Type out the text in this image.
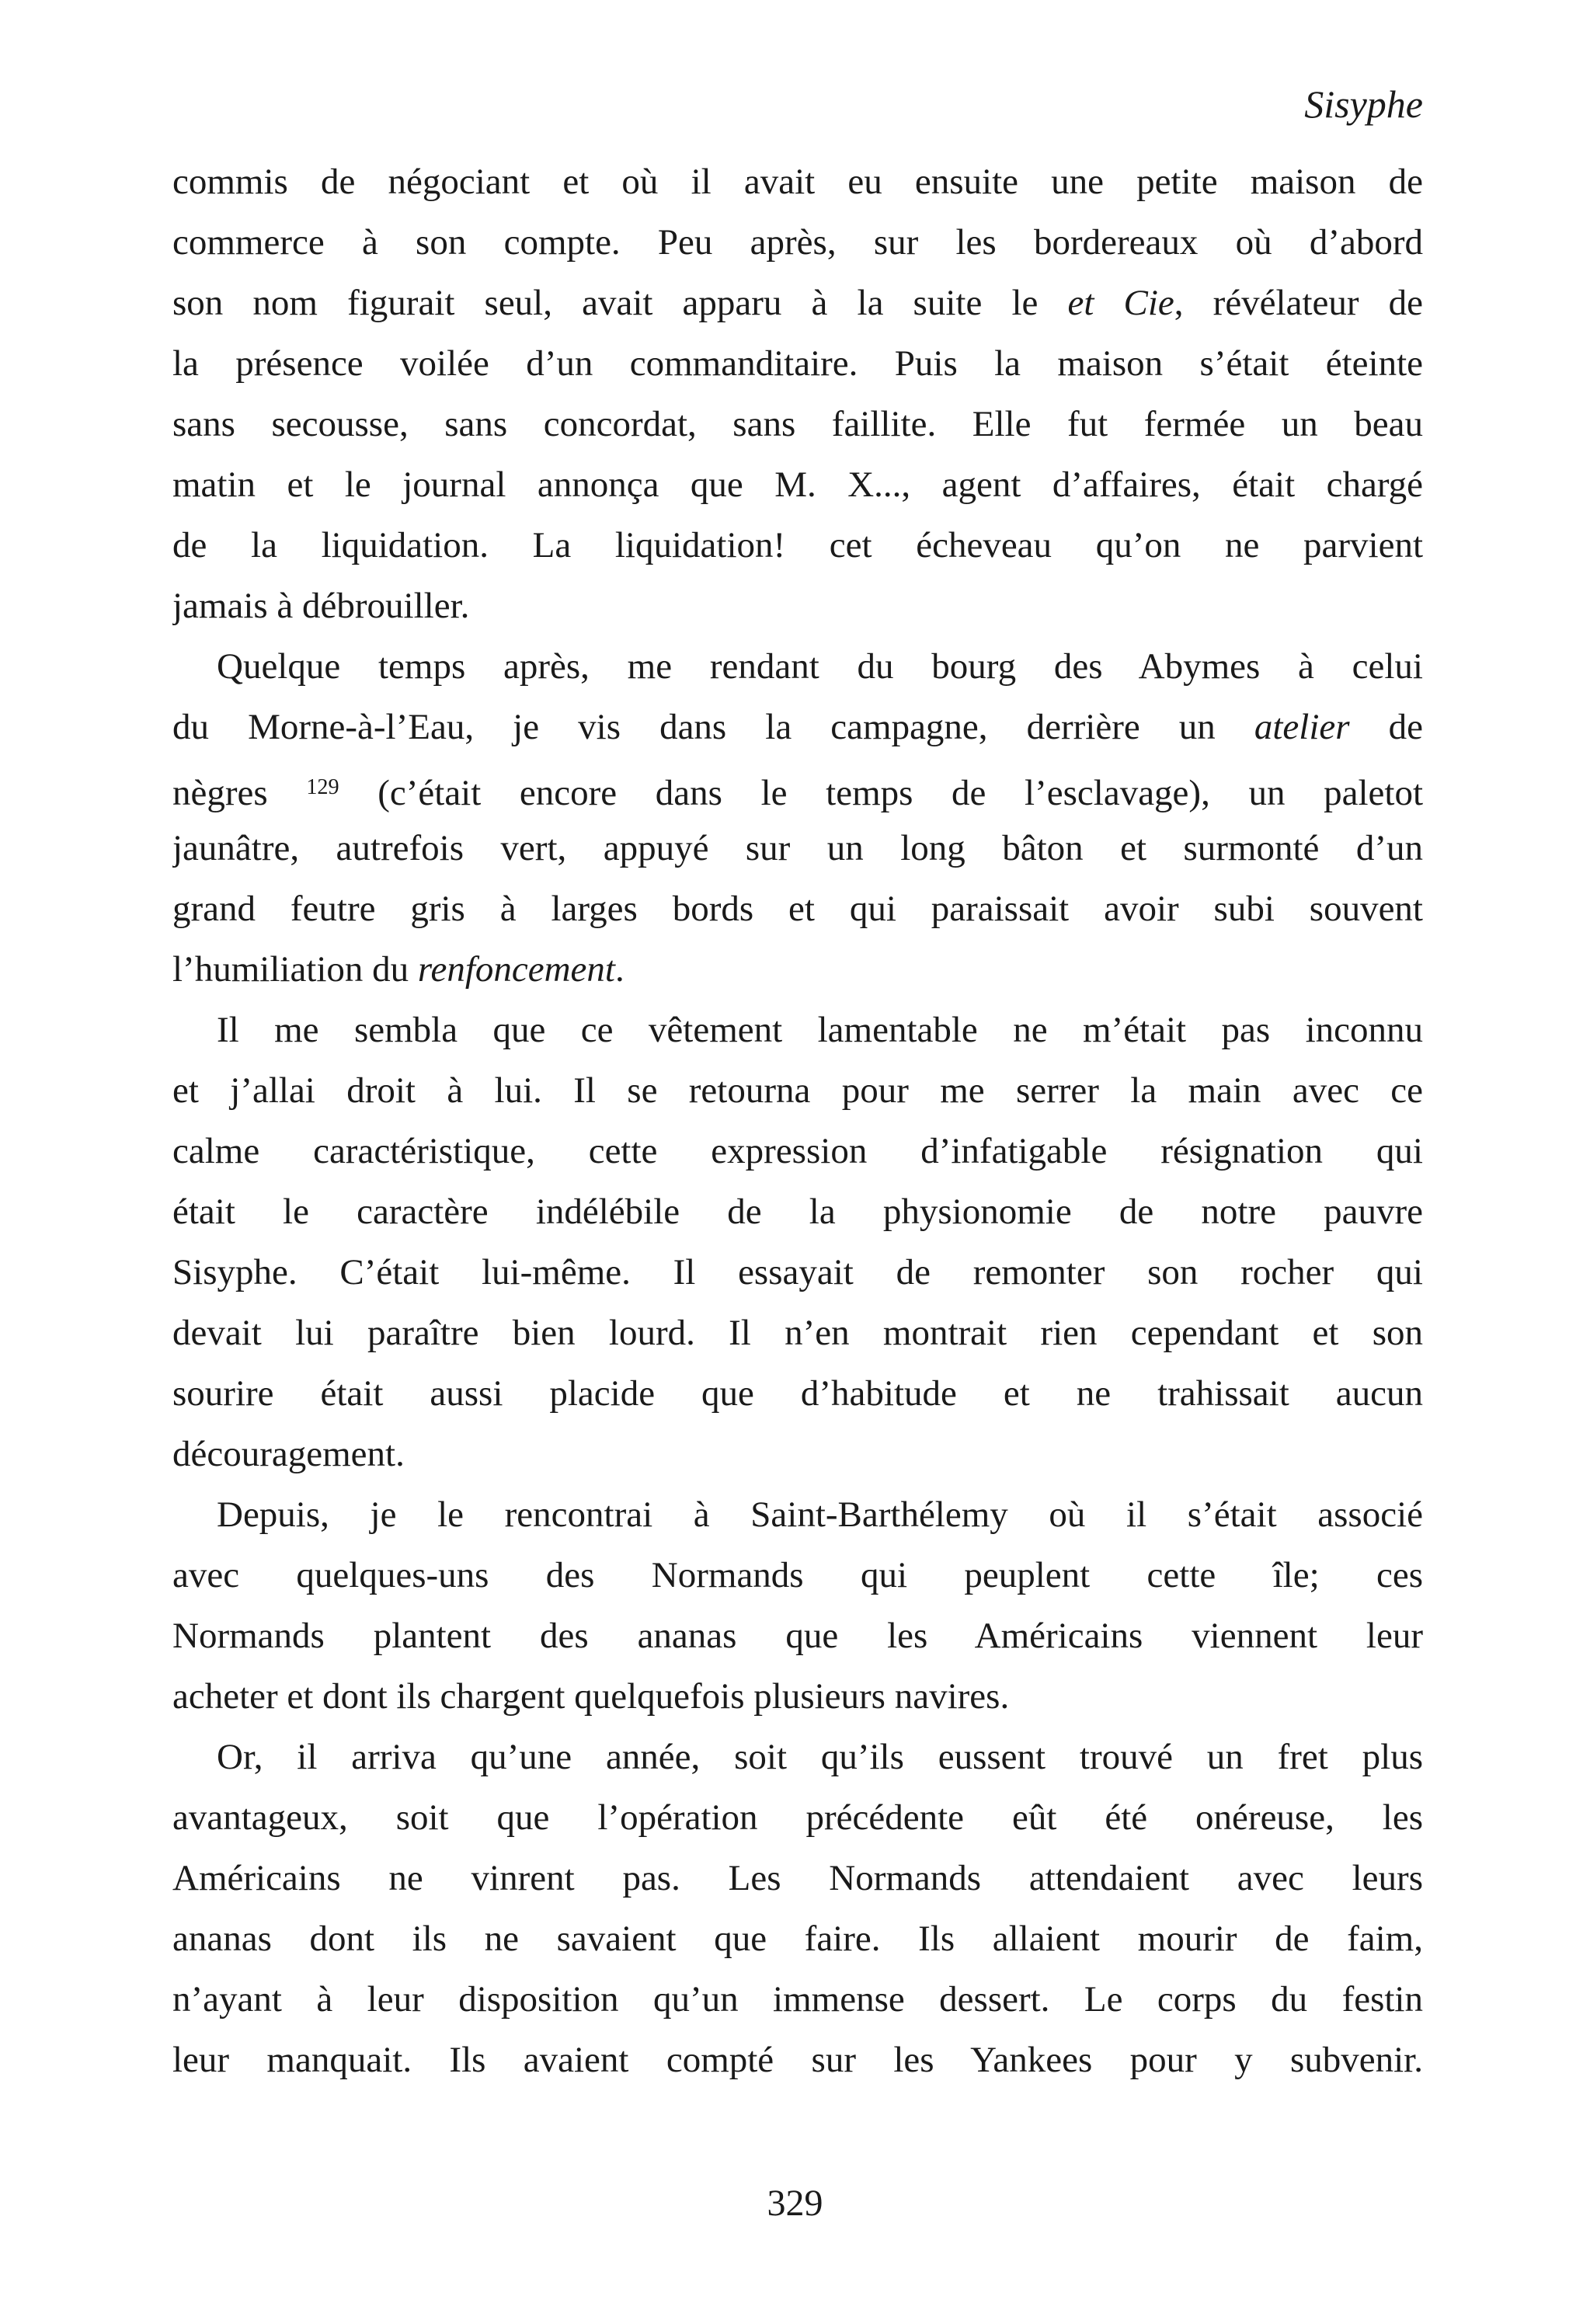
Sisyphe
commis de négociant et où il avait eu ensuite une petite maison de
commerce à son compte. Peu après, sur les bordereaux où d’abord
son nom figurait seul, avait apparu à la suite le et Cie, révélateur de
la présence voilée d’un commanditaire. Puis la maison s’était éteinte
sans secousse, sans concordat, sans faillite. Elle fut fermée un beau
matin et le journal annonça que M. X..., agent d’affaires, était chargé
de la liquidation. La liquidation! cet écheveau qu’on ne parvient
jamais à débrouiller.
Quelque temps après, me rendant du bourg des Abymes à celui
du Morne-à-l’Eau, je vis dans la campagne, derrière un atelier de
nègres $^{129}$ (c’était encore dans le temps de l’esclavage), un paletot
jaunâtre, autrefois vert, appuyé sur un long bâton et surmonté d’un
grand feutre gris à larges bords et qui paraissait avoir subi souvent
l’humiliation du renfoncement.
Il me sembla que ce vêtement lamentable ne m’était pas inconnu
et j’allai droit à lui. Il se retourna pour me serrer la main avec ce
calme caractéristique, cette expression d’infatigable résignation qui
était le caractère indélébile de la physionomie de notre pauvre
Sisyphe. C’était lui-même. Il essayait de remonter son rocher qui
devait lui paraître bien lourd. Il n’en montrait rien cependant et son
sourire était aussi placide que d’habitude et ne trahissait aucun
découragement.
Depuis, je le rencontrai à Saint-Barthélemy où il s’était associé
avec quelques-uns des Normands qui peuplent cette île; ces
Normands plantent des ananas que les Américains viennent leur
acheter et dont ils chargent quelquefois plusieurs navires.
Or, il arriva qu’une année, soit qu’ils eussent trouvé un fret plus
avantageux, soit que l’opération précédente eût été onéreuse, les
Américains ne vinrent pas. Les Normands attendaient avec leurs
ananas dont ils ne savaient que faire. Ils allaient mourir de faim,
n’ayant à leur disposition qu’un immense dessert. Le corps du festin
leur manquait. Ils avaient compté sur les Yankees pour y subvenir.
329
